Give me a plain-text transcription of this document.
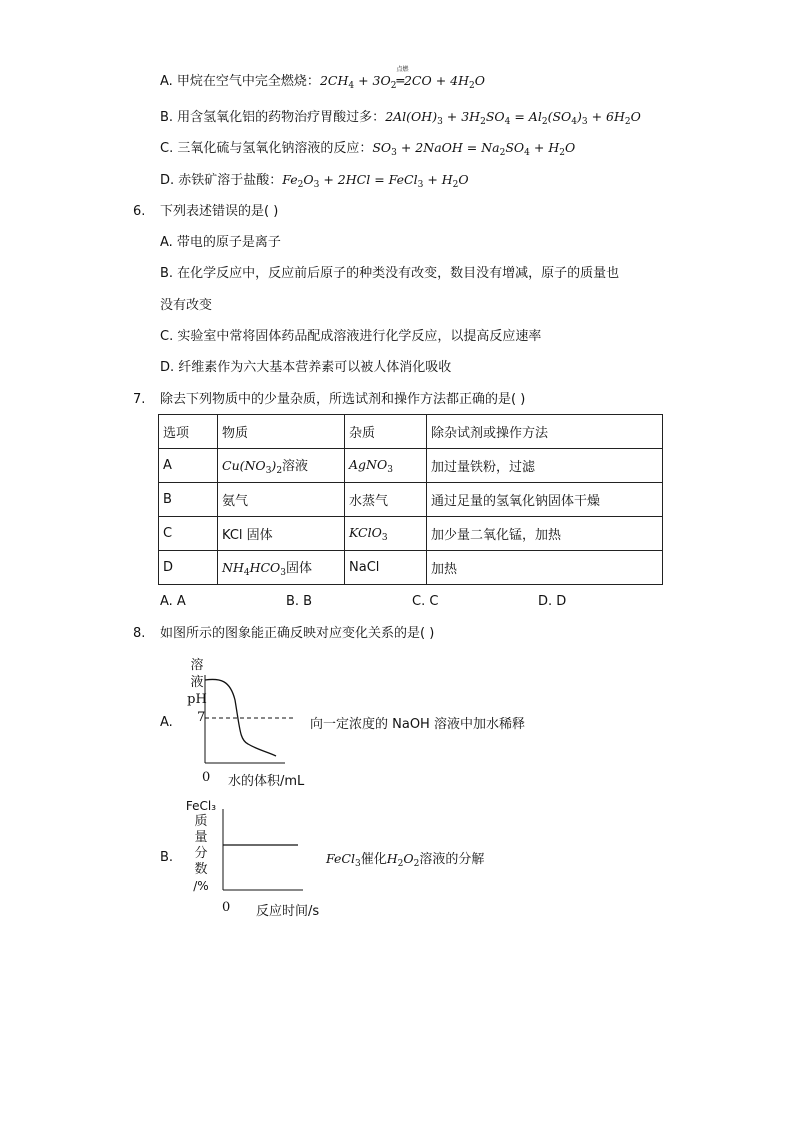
A. 甲烷在空气中完全燃烧：$2CH_4 + 3O_2$
点燃
═2CO + $4H_2O$
B. 用含氢氧化铝的药物治疗胃酸过多：$2Al(OH)_3 + 3H_2SO_4 = Al_2(SO_4)_3 + 6H_2O$
C. 三氧化硫与氢氧化钠溶液的反应：$SO_3$ + 2NaOH = $Na_2SO_4 + H_2O$
D. 赤铁矿溶于盐酸：$Fe_2O_3 + 2HCl$ = FeCl$_3$ + $H_2O$
6. 下列表述错误的是( )
A. 带电的原子是离子
B. 在化学反应中，反应前后原子的种类没有改变，数目没有增减，原子的质量也
没有改变
C. 实验室中常将固体药品配成溶液进行化学反应，以提高反应速率
D. 纤维素作为六大基本营养素可以被人体消化吸收
7. 除去下列物质中的少量杂质，所选试剂和操作方法都正确的是( )
选项	物质	杂质	除杂试剂或操作方法
A	$Cu(NO_3)_2$溶液	AgNO$_3$	加过量铁粉，过滤
B	氨气	水蒸气	通过足量的氢氧化钠固体干燥
C	KCl 固体	KClO$_3$	加少量二氧化锰，加热
D	$NH_4HCO_3$固体	NaCl	加热
A. A	B. B	C. C	D. D
8. 如图所示的图象能正确反映对应变化关系的是( )
A.
溶
液
pH
7
0 水的体积/mL
向一定浓度的 NaOH 溶液中加水稀释
B.
FeCl₃
质
量
分
数
/%
0 反应时间/s
FeCl$_3$催化$H_2O_2$溶液的分解
